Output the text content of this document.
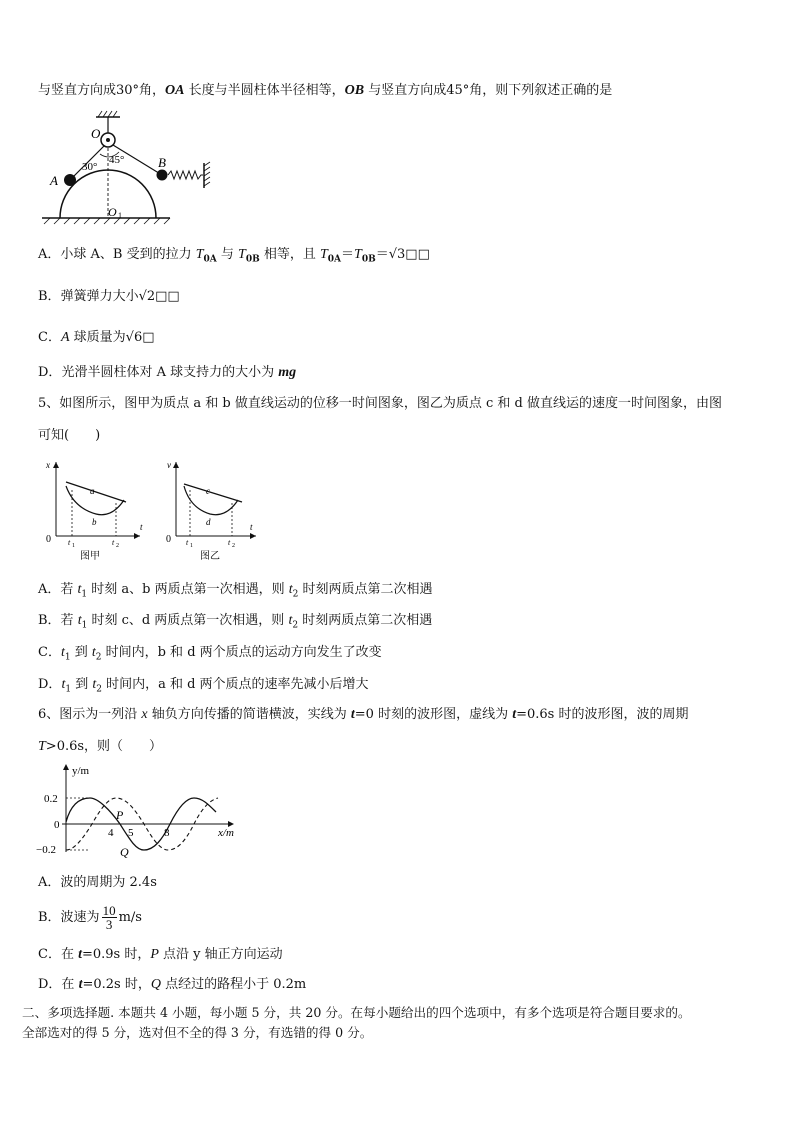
与竖直方向成30°角，OA 长度与半圆柱体半径相等，OB 与竖直方向成45°角，则下列叙述正确的是
O
A
B
30°
45°
O 1
A．小球 A、B 受到的拉力 $T_{0A}$ 与 $T_{0B}$ 相等，且 $T_{0A}=T_{0B}=√3□□$
B．弹簧弹力大小√2□□
C．A 球质量为√6□
D．光滑半圆柱体对 A 球支持力的大小为 mg
5、如图所示，图甲为质点 a 和 b 做直线运动的位移一时间图象，图乙为质点 c 和 d 做直线运的速度一时间图象，由图
可知(　　)
x
0
t
t 1	t 2
a
b
图甲
v
0
t
t 1	t 2
c
d
图乙
A．若 $t_1$ 时刻 a、b 两质点第一次相遇，则 $t_2$ 时刻两质点第二次相遇
B．若 $t_1$ 时刻 c、d 两质点第一次相遇，则 $t_2$ 时刻两质点第二次相遇
C．$t_1$ 到 $t_2$ 时间内，b 和 d 两个质点的运动方向发生了改变
D．$t_1$ 到 $t_2$ 时间内，a 和 d 两个质点的速率先减小后增大
6、图示为一列沿 x 轴负方向传播的简谐横波，实线为 t=0 时刻的波形图，虚线为 t=0.6s 时的波形图，波的周期
T>0.6s，则（　　）
y/m
0.2
0
−0.2
4 5	8	x/m
P
Q
A．波的周期为 2.4s
B．波速为 $\frac{10}{3} m/s$
C．在 t=0.9s 时，P 点沿 y 轴正方向运动
D．在 t=0.2s 时，Q 点经过的路程小于 0.2m
二、多项选择题. 本题共 4 小题，每小题 5 分，共 20 分。在每小题给出的四个选项中，有多个选项是符合题目要求的。
全部选对的得 5 分，选对但不全的得 3 分，有选错的得 0 分。
